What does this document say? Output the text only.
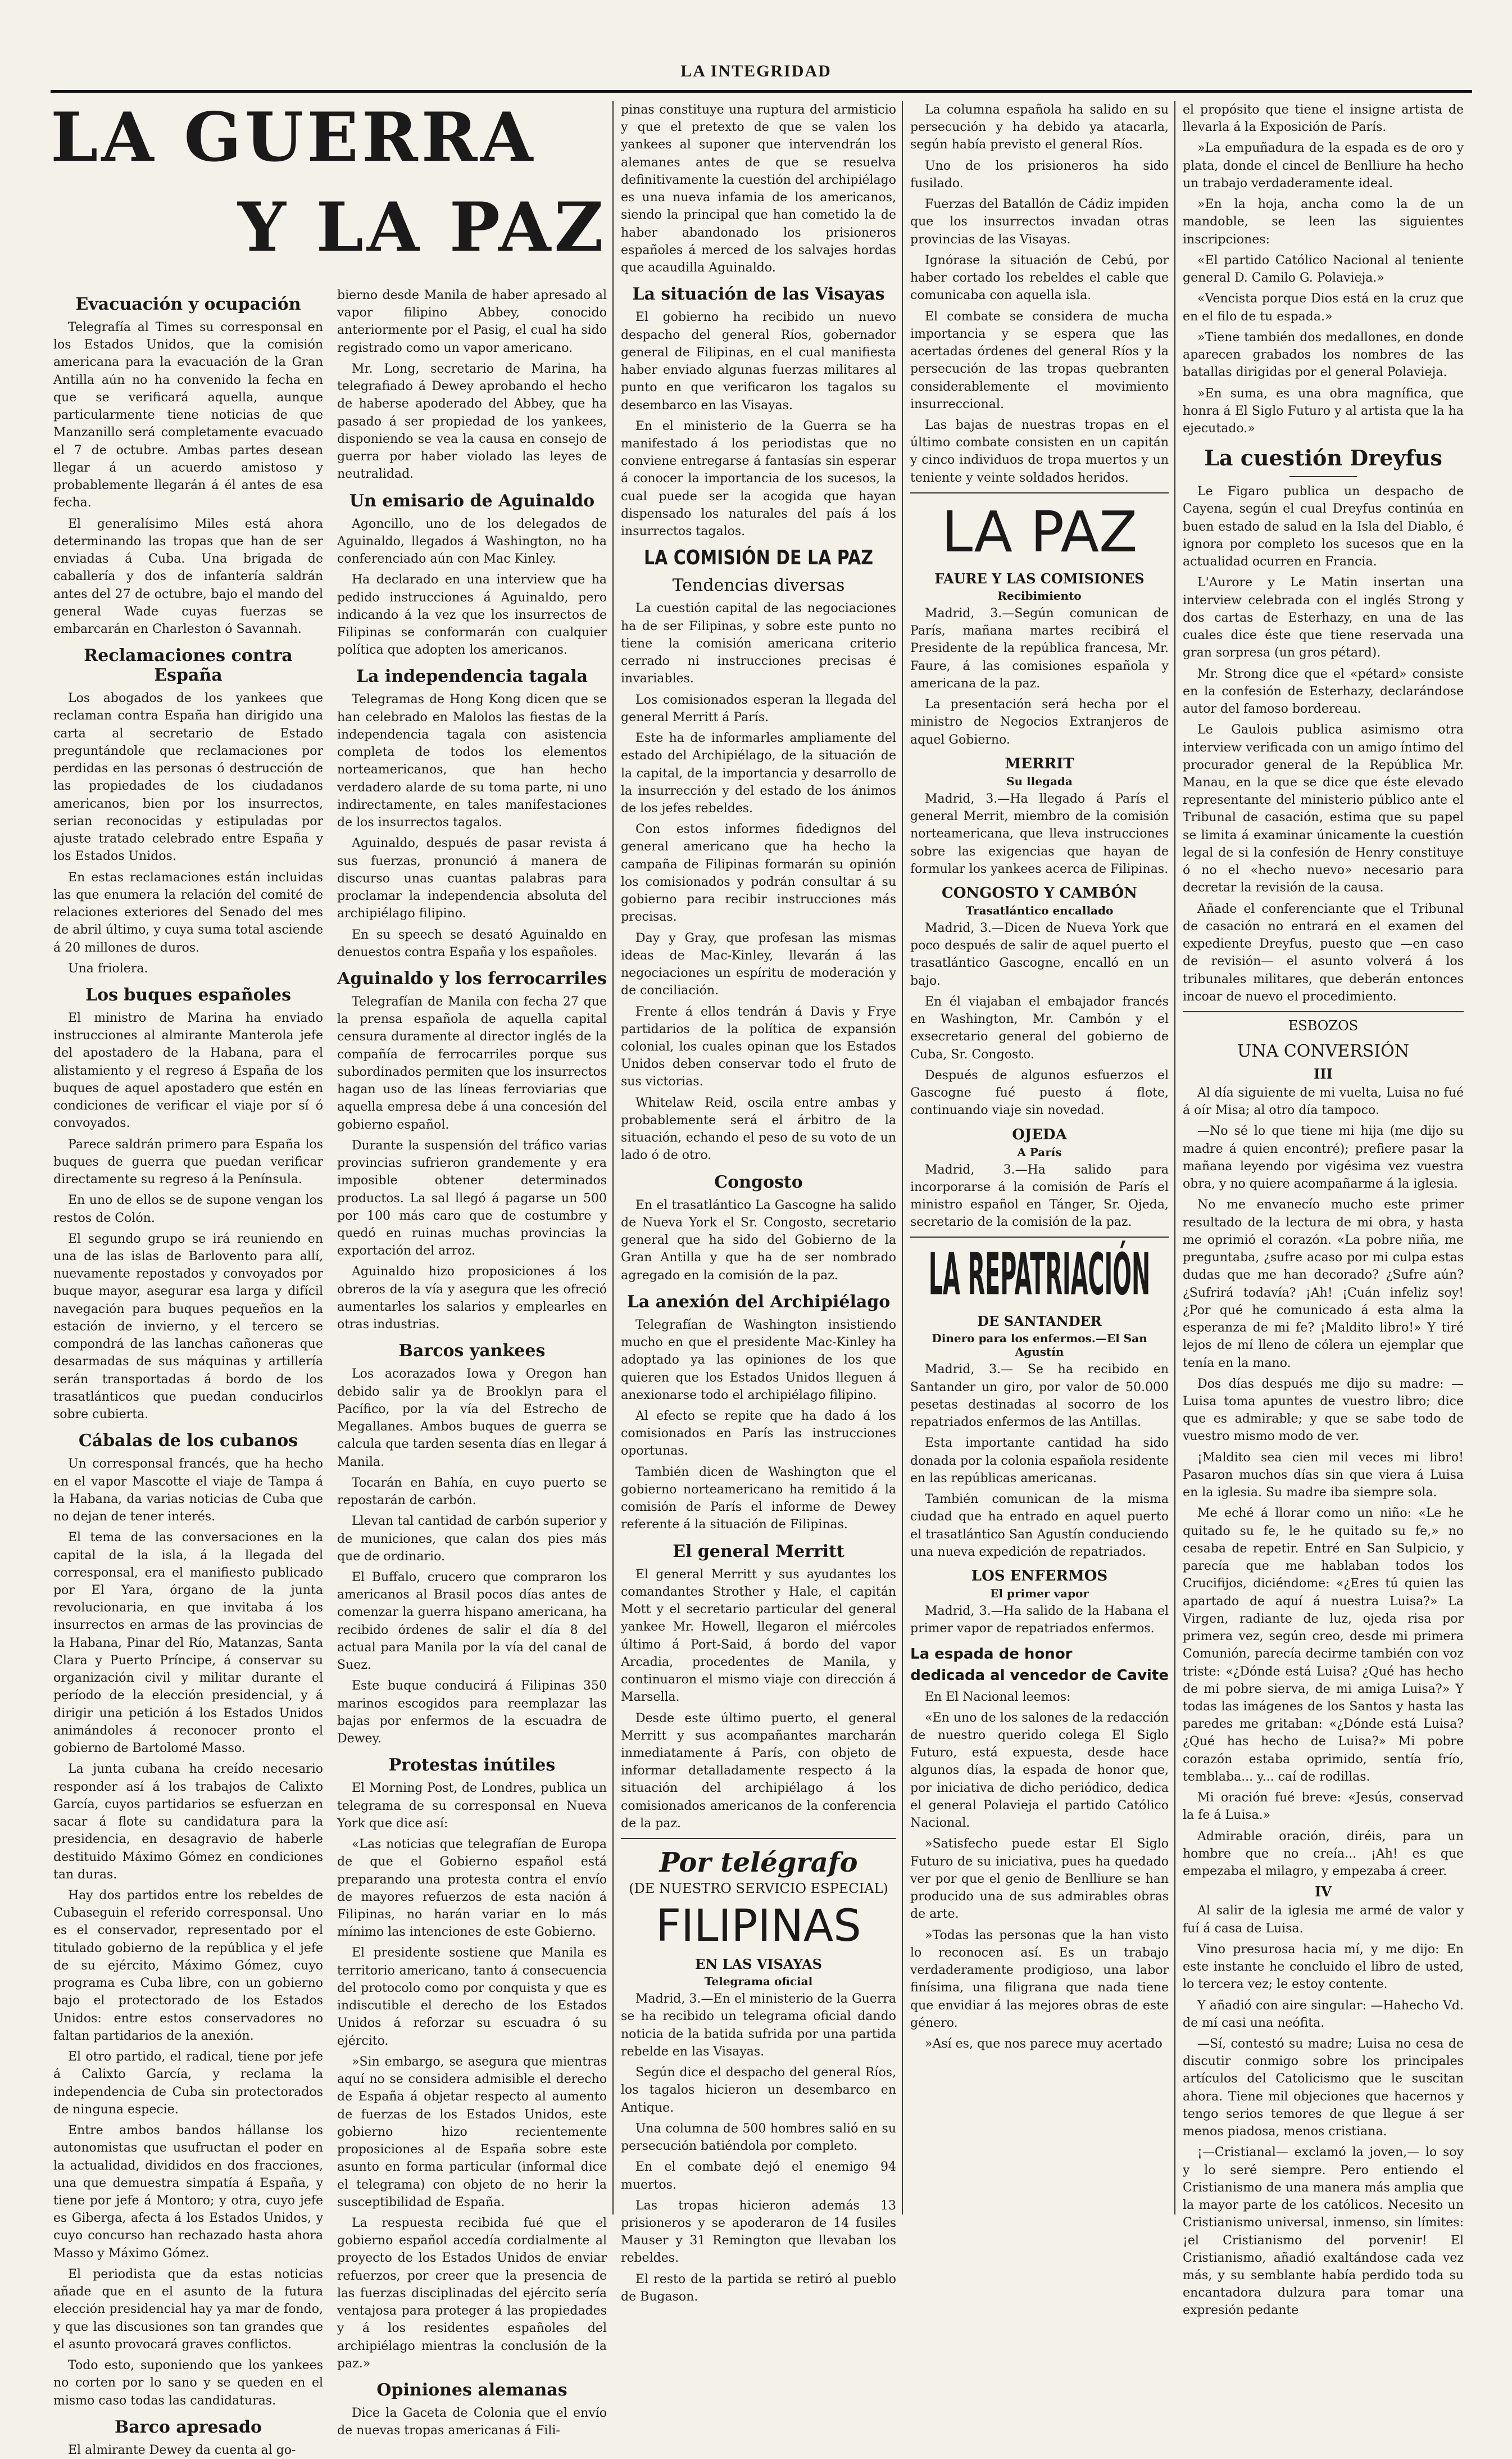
LA INTEGRIDAD
LA GUERRA
Y LA PAZ
Evacuación y ocupación

Telegrafía al Times su corresponsal en los Estados Unidos, que la comisión americana para la evacuación de la Gran Antilla aún no ha convenido la fecha en que se verificará aquella, aunque particularmente tiene noticias de que Manzanillo será completamente evacuado el 7 de octubre. Ambas partes desean llegar á un acuerdo amistoso y probablemente llegarán á él antes de esa fecha.

El generalísimo Miles está ahora determinando las tropas que han de ser enviadas á Cuba. Una brigada de caballería y dos de infantería saldrán antes del 27 de octubre, bajo el mando del general Wade cuyas fuerzas se embarcarán en Charleston ó Savannah.

Reclamaciones contra España

Los abogados de los yankees que reclaman contra España han dirigido una carta al secretario de Estado preguntándole que reclamaciones por perdidas en las personas ó destrucción de las propiedades de los ciudadanos americanos, bien por los insurrectos, serian reconocidas y estipuladas por ajuste tratado celebrado entre España y los Estados Unidos.

En estas reclamaciones están incluidas las que enumera la relación del comité de relaciones exteriores del Senado del mes de abril último, y cuya suma total asciende á 20 millones de duros.

Una friolera.

Los buques españoles

El ministro de Marina ha enviado instrucciones al almirante Manterola jefe del apostadero de la Habana, para el alistamiento y el regreso á España de los buques de aquel apostadero que estén en condiciones de verificar el viaje por sí ó convoyados.

Parece saldrán primero para España los buques de guerra que puedan verificar directamente su regreso á la Península.

En uno de ellos se de supone vengan los restos de Colón.

El segundo grupo se irá reuniendo en una de las islas de Barlovento para allí, nuevamente repostados y convoyados por buque mayor, asegurar esa larga y difícil navegación para buques pequeños en la estación de invierno, y el tercero se compondrá de las lanchas cañoneras que desarmadas de sus máquinas y artillería serán transportadas á bordo de los trasatlánticos que puedan conducirlos sobre cubierta.

Cábalas de los cubanos

Un corresponsal francés, que ha hecho en el vapor Mascotte el viaje de Tampa á la Habana, da varias noticias de Cuba que no dejan de tener interés.

El tema de las conversaciones en la capital de la isla, á la llegada del corresponsal, era el manifiesto publicado por El Yara, órgano de la junta revolucionaria, en que invitaba á los insurrectos en armas de las provincias de la Habana, Pinar del Río, Matanzas, Santa Clara y Puerto Príncipe, á conservar su organización civil y militar durante el período de la elección presidencial, y á dirigir una petición á los Estados Unidos animándoles á reconocer pronto el gobierno de Bartolomé Masso.

La junta cubana ha creído necesario responder así á los trabajos de Calixto García, cuyos partidarios se esfuerzan en sacar á flote su candidatura para la presidencia, en desagravio de haberle destituido Máximo Gómez en condiciones tan duras.

Hay dos partidos entre los rebeldes de Cubaseguin el referido corresponsal. Uno es el conservador, representado por el titulado gobierno de la república y el jefe de su ejército, Máximo Gómez, cuyo programa es Cuba libre, con un gobierno bajo el protectorado de los Estados Unidos: entre estos conservadores no faltan partidarios de la anexión.

El otro partido, el radical, tiene por jefe á Calixto García, y reclama la independencia de Cuba sin protectorados de ninguna especie.

Entre ambos bandos hállanse los autonomistas que usufructan el poder en la actualidad, divididos en dos fracciones, una que demuestra simpatía á España, y tiene por jefe á Montoro; y otra, cuyo jefe es Giberga, afecta á los Estados Unidos, y cuyo concurso han rechazado hasta ahora Masso y Máximo Gómez.

El periodista que da estas noticias añade que en el asunto de la futura elección presidencial hay ya mar de fondo, y que las discusiones son tan grandes que el asunto provocará graves conflictos.

Todo esto, suponiendo que los yankees no corten por lo sano y se queden en el mismo caso todas las candidaturas.

Barco apresado

El almirante Dewey da cuenta al go-

bierno desde Manila de haber apresado al vapor filipino Abbey, conocido anteriormente por el Pasig, el cual ha sido registrado como un vapor americano.

Mr. Long, secretario de Marina, ha telegrafiado á Dewey aprobando el hecho de haberse apoderado del Abbey, que ha pasado á ser propiedad de los yankees, disponiendo se vea la causa en consejo de guerra por haber violado las leyes de neutralidad.

Un emisario de Aguinaldo

Agoncillo, uno de los delegados de Aguinaldo, llegados á Washington, no ha conferenciado aún con Mac Kinley.

Ha declarado en una interview que ha pedido instrucciones á Aguinaldo, pero indicando á la vez que los insurrectos de Filipinas se conformarán con cualquier política que adopten los americanos.

La independencia tagala

Telegramas de Hong Kong dicen que se han celebrado en Malolos las fiestas de la independencia tagala con asistencia completa de todos los elementos norteamericanos, que han hecho verdadero alarde de su toma parte, ni uno indirectamente, en tales manifestaciones de los insurrectos tagalos.

Aguinaldo, después de pasar revista á sus fuerzas, pronunció á manera de discurso unas cuantas palabras para proclamar la independencia absoluta del archipiélago filipino.

En su speech se desató Aguinaldo en denuestos contra España y los españoles.

Aguinaldo y los ferrocarriles

Telegrafían de Manila con fecha 27 que la prensa española de aquella capital censura duramente al director inglés de la compañía de ferrocarriles porque sus subordinados permiten que los insurrectos hagan uso de las líneas ferroviarias que aquella empresa debe á una concesión del gobierno español.

Durante la suspensión del tráfico varias provincias sufrieron grandemente y era imposible obtener determinados productos. La sal llegó á pagarse un 500 por 100 más caro que de costumbre y quedó en ruinas muchas provincias la exportación del arroz.

Aguinaldo hizo proposiciones á los obreros de la vía y asegura que les ofreció aumentarles los salarios y emplearles en otras industrias.

Barcos yankees

Los acorazados Iowa y Oregon han debido salir ya de Brooklyn para el Pacífico, por la vía del Estrecho de Megallanes. Ambos buques de guerra se calcula que tarden sesenta días en llegar á Manila.

Tocarán en Bahía, en cuyo puerto se repostarán de carbón.

Llevan tal cantidad de carbón superior y de municiones, que calan dos pies más que de ordinario.

El Buffalo, crucero que compraron los americanos al Brasil pocos días antes de comenzar la guerra hispano americana, ha recibido órdenes de salir el día 8 del actual para Manila por la vía del canal de Suez.

Este buque conducirá á Filipinas 350 marinos escogidos para reemplazar las bajas por enfermos de la escuadra de Dewey.

Protestas inútiles

El Morning Post, de Londres, publica un telegrama de su corresponsal en Nueva York que dice así:

«Las noticias que telegrafían de Europa de que el Gobierno español está preparando una protesta contra el envío de mayores refuerzos de esta nación á Filipinas, no harán variar en lo más mínimo las intenciones de este Gobierno.

El presidente sostiene que Manila es territorio americano, tanto á consecuencia del protocolo como por conquista y que es indiscutible el derecho de los Estados Unidos á reforzar su escuadra ó su ejército.

»Sin embargo, se asegura que mientras aquí no se considera admisible el derecho de España á objetar respecto al aumento de fuerzas de los Estados Unidos, este gobierno hizo recientemente proposiciones al de España sobre este asunto en forma particular (informal dice el telegrama) con objeto de no herir la susceptibilidad de España.

La respuesta recibida fué que el gobierno español accedía cordialmente al proyecto de los Estados Unidos de enviar refuerzos, por creer que la presencia de las fuerzas disciplinadas del ejército sería ventajosa para proteger á las propiedades y á los residentes españoles del archipiélago mientras la conclusión de la paz.»

Opiniones alemanas

Dice la Gaceta de Colonia que el envío de nuevas tropas americanas á Fili-

pinas constituye una ruptura del armisticio y que el pretexto de que se valen los yankees al suponer que intervendrán los alemanes antes de que se resuelva definitivamente la cuestión del archipiélago es una nueva infamia de los americanos, siendo la principal que han cometido la de haber abandonado los prisioneros españoles á merced de los salvajes hordas que acaudilla Aguinaldo.

La situación de las Visayas

El gobierno ha recibido un nuevo despacho del general Ríos, gobernador general de Filipinas, en el cual manifiesta haber enviado algunas fuerzas militares al punto en que verificaron los tagalos su desembarco en las Visayas.

En el ministerio de la Guerra se ha manifestado á los periodistas que no conviene entregarse á fantasías sin esperar á conocer la importancia de los sucesos, la cual puede ser la acogida que hayan dispensado los naturales del país á los insurrectos tagalos.

LA COMISIÓN DE LA PAZ
Tendencias diversas

La cuestión capital de las negociaciones ha de ser Filipinas, y sobre este punto no tiene la comisión americana criterio cerrado ni instrucciones precisas é invariables.

Los comisionados esperan la llegada del general Merritt á París.

Este ha de informarles ampliamente del estado del Archipiélago, de la situación de la capital, de la importancia y desarrollo de la insurrección y del estado de los ánimos de los jefes rebeldes.

Con estos informes fidedignos del general americano que ha hecho la campaña de Filipinas formarán su opinión los comisionados y podrán consultar á su gobierno para recibir instrucciones más precisas.

Day y Gray, que profesan las mismas ideas de Mac-Kinley, llevarán á las negociaciones un espíritu de moderación y de conciliación.

Frente á ellos tendrán á Davis y Frye partidarios de la política de expansión colonial, los cuales opinan que los Estados Unidos deben conservar todo el fruto de sus victorias.

Whitelaw Reid, oscila entre ambas y probablemente será el árbitro de la situación, echando el peso de su voto de un lado ó de otro.

Congosto

En el trasatlántico La Gascogne ha salido de Nueva York el Sr. Congosto, secretario general que ha sido del Gobierno de la Gran Antilla y que ha de ser nombrado agregado en la comisión de la paz.

La anexión del Archipiélago

Telegrafían de Washington insistiendo mucho en que el presidente Mac-Kinley ha adoptado ya las opiniones de los que quieren que los Estados Unidos lleguen á anexionarse todo el archipiélago filipino.

Al efecto se repite que ha dado á los comisionados en París las instrucciones oportunas.

También dicen de Washington que el gobierno norteamericano ha remitido á la comisión de París el informe de Dewey referente á la situación de Filipinas.

El general Merritt

El general Merritt y sus ayudantes los comandantes Strother y Hale, el capitán Mott y el secretario particular del general yankee Mr. Howell, llegaron el miércoles último á Port-Said, á bordo del vapor Arcadia, procedentes de Manila, y continuaron el mismo viaje con dirección á Marsella.

Desde este último puerto, el general Merritt y sus acompañantes marcharán inmediatamente á París, con objeto de informar detalladamente respecto á la situación del archipiélago á los comisionados americanos de la conferencia de la paz.

Por telégrafo
(DE NUESTRO SERVICIO ESPECIAL)
FILIPINAS
EN LAS VISAYAS
Telegrama oficial

Madrid, 3.—En el ministerio de la Guerra se ha recibido un telegrama oficial dando noticia de la batida sufrida por una partida rebelde en las Visayas.

Según dice el despacho del general Ríos, los tagalos hicieron un desembarco en Antique.

Una columna de 500 hombres salió en su persecución batiéndola por completo.

En el combate dejó el enemigo 94 muertos.

Las tropas hicieron además 13 prisioneros y se apoderaron de 14 fusiles Mauser y 31 Remington que llevaban los rebeldes.

El resto de la partida se retiró al pueblo de Bugason.

La columna española ha salido en su persecución y ha debido ya atacarla, según había previsto el general Ríos.

Uno de los prisioneros ha sido fusilado.

Fuerzas del Batallón de Cádiz impiden que los insurrectos invadan otras provincias de las Visayas.

Ignórase la situación de Cebú, por haber cortado los rebeldes el cable que comunicaba con aquella isla.

El combate se considera de mucha importancia y se espera que las acertadas órdenes del general Ríos y la persecución de las tropas quebranten considerablemente el movimiento insurreccional.

Las bajas de nuestras tropas en el último combate consisten en un capitán y cinco individuos de tropa muertos y un teniente y veinte soldados heridos.

LA PAZ
FAURE Y LAS COMISIONES
Recibimiento

Madrid, 3.—Según comunican de París, mañana martes recibirá el Presidente de la república francesa, Mr. Faure, á las comisiones española y americana de la paz.

La presentación será hecha por el ministro de Negocios Extranjeros de aquel Gobierno.

MERRIT
Su llegada

Madrid, 3.—Ha llegado á París el general Merrit, miembro de la comisión norteamericana, que lleva instrucciones sobre las exigencias que hayan de formular los yankees acerca de Filipinas.

CONGOSTO Y CAMBÓN
Trasatlántico encallado

Madrid, 3.—Dicen de Nueva York que poco después de salir de aquel puerto el trasatlántico Gascogne, encalló en un bajo.

En él viajaban el embajador francés en Washington, Mr. Cambón y el exsecretario general del gobierno de Cuba, Sr. Congosto.

Después de algunos esfuerzos el Gascogne fué puesto á flote, continuando viaje sin novedad.

OJEDA
A París

Madrid, 3.—Ha salido para incorporarse á la comisión de París el ministro español en Tánger, Sr. Ojeda, secretario de la comisión de la paz.

LA REPATRIACIÓN
DE SANTANDER
Dinero para los enfermos.—El San Agustín

Madrid, 3.— Se ha recibido en Santander un giro, por valor de 50.000 pesetas destinadas al socorro de los repatriados enfermos de las Antillas.

Esta importante cantidad ha sido donada por la colonia española residente en las repúblicas americanas.

También comunican de la misma ciudad que ha entrado en aquel puerto el trasatlántico San Agustín conduciendo una nueva expedición de repatriados.

LOS ENFERMOS
El primer vapor

Madrid, 3.—Ha salido de la Habana el primer vapor de repatriados enfermos.

La espada de honor
dedicada al vencedor de Cavite

En El Nacional leemos:

«En uno de los salones de la redacción de nuestro querido colega El Siglo Futuro, está expuesta, desde hace algunos días, la espada de honor que, por iniciativa de dicho periódico, dedica el general Polavieja el partido Católico Nacional.

»Satisfecho puede estar El Siglo Futuro de su iniciativa, pues ha quedado ver por que el genio de Benlliure se han producido una de sus admirables obras de arte.

»Todas las personas que la han visto lo reconocen así. Es un trabajo verdaderamente prodigioso, una labor finísima, una filigrana que nada tiene que envidiar á las mejores obras de este género.

»Así es, que nos parece muy acertado

el propósito que tiene el insigne artista de llevarla á la Exposición de París.

»La empuñadura de la espada es de oro y plata, donde el cincel de Benlliure ha hecho un trabajo verdaderamente ideal.

»En la hoja, ancha como la de un mandoble, se leen las siguientes inscripciones:

«El partido Católico Nacional al teniente general D. Camilo G. Polavieja.»

«Vencista porque Dios está en la cruz que en el filo de tu espada.»

»Tiene también dos medallones, en donde aparecen grabados los nombres de las batallas dirigidas por el general Polavieja.

»En suma, es una obra magnífica, que honra á El Siglo Futuro y al artista que la ha ejecutado.»

La cuestión Dreyfus

Le Figaro publica un despacho de Cayena, según el cual Dreyfus continúa en buen estado de salud en la Isla del Diablo, é ignora por completo los sucesos que en la actualidad ocurren en Francia.

L'Aurore y Le Matin insertan una interview celebrada con el inglés Strong y dos cartas de Esterhazy, en una de las cuales dice éste que tiene reservada una gran sorpresa (un gros pétard).

Mr. Strong dice que el «pétard» consiste en la confesión de Esterhazy, declarándose autor del famoso bordereau.

Le Gaulois publica asimismo otra interview verificada con un amigo íntimo del procurador general de la República Mr. Manau, en la que se dice que éste elevado representante del ministerio público ante el Tribunal de casación, estima que su papel se limita á examinar únicamente la cuestión legal de si la confesión de Henry constituye ó no el «hecho nuevo» necesario para decretar la revisión de la causa.

Añade el conferenciante que el Tribunal de casación no entrará en el examen del expediente Dreyfus, puesto que —en caso de revisión— el asunto volverá á los tribunales militares, que deberán entonces incoar de nuevo el procedimiento.

ESBOZOS
UNA CONVERSIÓN
III

Al día siguiente de mi vuelta, Luisa no fué á oír Misa; al otro día tampoco.

—No sé lo que tiene mi hija (me dijo su madre á quien encontré); prefiere pasar la mañana leyendo por vigésima vez vuestra obra, y no quiere acompañarme á la iglesia.

No me envanecío mucho este primer resultado de la lectura de mi obra, y hasta me oprimió el corazón. «La pobre niña, me preguntaba, ¿sufre acaso por mi culpa estas dudas que me han decorado? ¿Sufre aún? ¿Sufrirá todavía? ¡Ah! ¡Cuán infeliz soy! ¿Por qué he comunicado á esta alma la esperanza de mi fe? ¡Maldito libro!» Y tiré lejos de mí lleno de cólera un ejemplar que tenía en la mano.

Dos días después me dijo su madre: —Luisa toma apuntes de vuestro libro; dice que es admirable; y que se sabe todo de vuestro mismo modo de ver.

¡Maldito sea cien mil veces mi libro! Pasaron muchos días sin que viera á Luisa en la iglesia. Su madre iba siempre sola.

Me eché á llorar como un niño: «Le he quitado su fe, le he quitado su fe,» no cesaba de repetir. Entré en San Sulpicio, y parecía que me hablaban todos los Crucifijos, diciéndome: «¿Eres tú quien las apartado de aquí á nuestra Luisa?» La Virgen, radiante de luz, ojeda risa por primera vez, según creo, desde mi primera Comunión, parecía decirme también con voz triste: «¿Dónde está Luisa? ¿Qué has hecho de mi pobre sierva, de mi amiga Luisa?» Y todas las imágenes de los Santos y hasta las paredes me gritaban: «¿Dónde está Luisa? ¿Qué has hecho de Luisa?» Mi pobre corazón estaba oprimido, sentía frío, temblaba... y... caí de rodillas.

Mi oración fué breve: «Jesús, conservad la fe á Luisa.»

Admirable oración, diréis, para un hombre que no creía... ¡Ah! es que empezaba el milagro, y empezaba á creer.

IV

Al salir de la iglesia me armé de valor y fuí á casa de Luisa.

Vino presurosa hacia mí, y me dijo: En este instante he concluido el libro de usted, lo tercera vez; le estoy contente.

Y añadió con aire singular: —Hahecho Vd. de mí casi una neófita.

—Sí, contestó su madre; Luisa no cesa de discutir conmigo sobre los principales artículos del Catolicismo que le suscitan ahora. Tiene mil objeciones que hacernos y tengo serios temores de que llegue á ser menos piadosa, menos cristiana.

¡—Cristianal— exclamó la joven,— lo soy y lo seré siempre. Pero entiendo el Cristianismo de una manera más amplia que la mayor parte de los católicos. Necesito un Cristianismo universal, inmenso, sin límites: ¡el Cristianismo del porvenir! El Cristianismo, añadió exaltándose cada vez más, y su semblante había perdido toda su encantadora dulzura para tomar una expresión pedante
